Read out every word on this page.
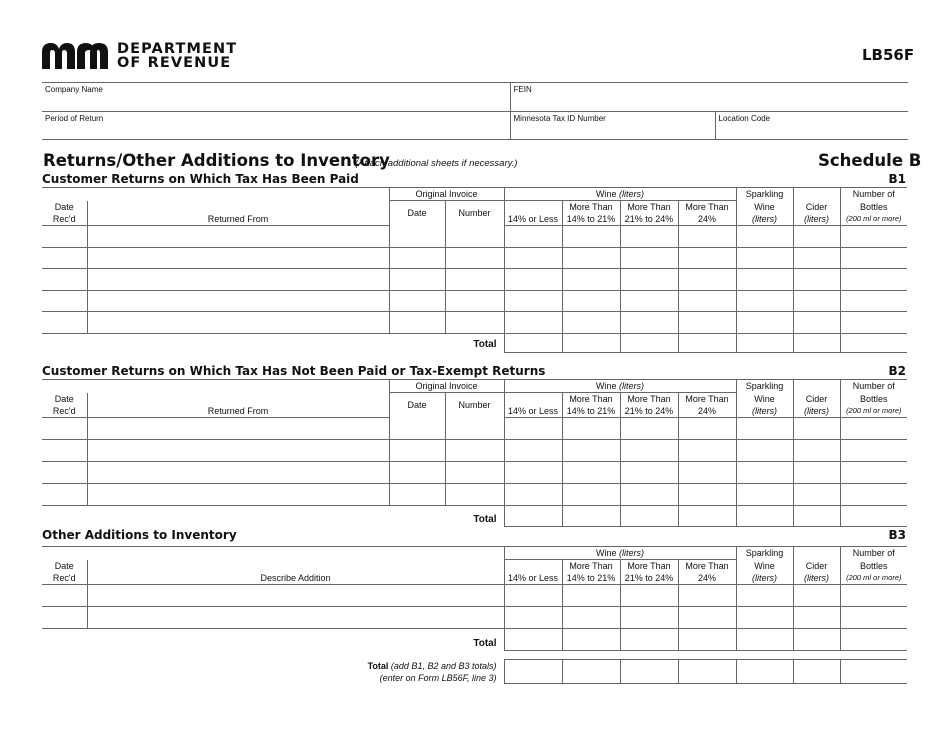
DEPARTMENT
OF REVENUE	LB56F
Company Name	FEIN	
Period of Return	Minnesota Tax ID Number	Location Code
Returns/Other Additions to Inventory
(Attach additional sheets if necessary.)	Schedule B
Customer Returns on Which Tax Has Been Paid	B1
		Original Invoice		Wine (liters)				Sparkling		Number of
Date		Date	Number		More Than	More Than	More Than	Wine	Cider	Bottles
Rec'd	Returned From			14% or Less	14% to 21%	21% to 24%	24%	(liters)	(liters)	(200 ml or more)

Total										
Customer Returns on Which Tax Has Not Been Paid or Tax-Exempt Returns	B2
		Original Invoice		Wine (liters)				Sparkling		Number of
Date		Date	Number		More Than	More Than	More Than	Wine	Cider	Bottles
Rec'd	Returned From			14% or Less	14% to 21%	21% to 24%	24%	(liters)	(liters)	(200 ml or more)

Total										
Other Additions to Inventory	B3
		Wine (liters)				Sparkling		Number of
Date			More Than	More Than	More Than	Wine	Cider	Bottles
Rec'd	Describe Addition	14% or Less	14% to 21%	21% to 24%	24%	(liters)	(liters)	(200 ml or more)

Total								
Total (add B1, B2 and B3 totals)
(enter on Form LB56F, line 3)
